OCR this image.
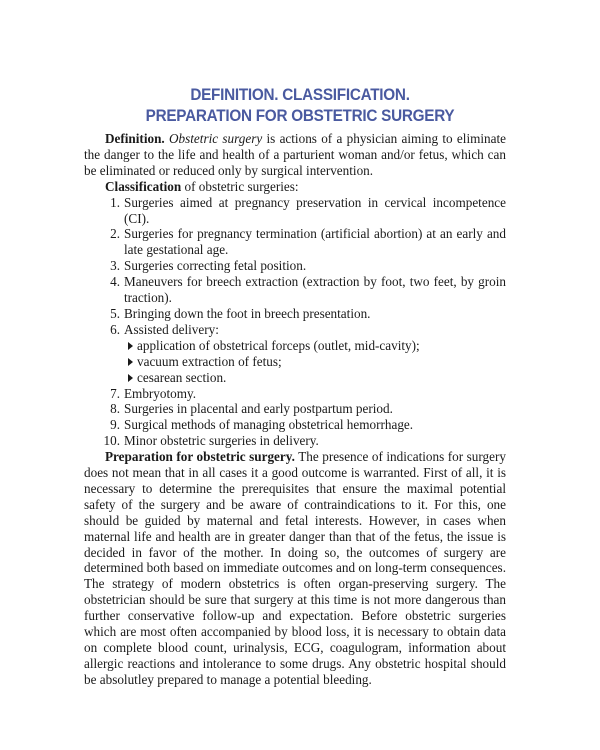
DEFINITION. CLASSIFICATION.
PREPARATION FOR OBSTETRIC SURGERY

Definition. Obstetric surgery is actions of a physician aiming to eliminate the danger to the life and health of a parturient woman and/or fetus, which can be eliminated or reduced only by surgical intervention.

Classification of obstetric surgeries:

1. Surgeries aimed at pregnancy preservation in cervical incompetence (CI).
2. Surgeries for pregnancy termination (artificial abortion) at an early and late gestational age.
3. Surgeries correcting fetal position.
4. Maneuvers for breech extraction (extraction by foot, two feet, by groin traction).
5. Bringing down the foot in breech presentation.
6. Assisted delivery:
application of obstetrical forceps (outlet, mid-cavity);
vacuum extraction of fetus;
cesarean section.
7. Embryotomy.
8. Surgeries in placental and early postpartum period.
9. Surgical methods of managing obstetrical hemorrhage.
10. Minor obstetric surgeries in delivery.

Preparation for obstetric surgery. The presence of indications for surgery does not mean that in all cases it a good outcome is warranted. First of all, it is necessary to determine the prerequisites that ensure the maximal potential safety of the surgery and be aware of contraindications to it. For this, one should be guided by maternal and fetal interests. However, in cases when maternal life and health are in greater danger than that of the fetus, the issue is decided in favor of the mother. In doing so, the outcomes of surgery are determined both based on immediate outcomes and on long-term consequences. The strategy of modern obstetrics is often organ-preserving surgery. The obstetrician should be sure that surgery at this time is not more dangerous than further conservative follow-up and expectation. Before obstetric surgeries which are most often accompanied by blood loss, it is necessary to obtain data on complete blood count, urinalysis, ECG, coagulogram, information about allergic reactions and intolerance to some drugs. Any obstetric hospital should be absolutley prepared to manage a potential bleeding.
